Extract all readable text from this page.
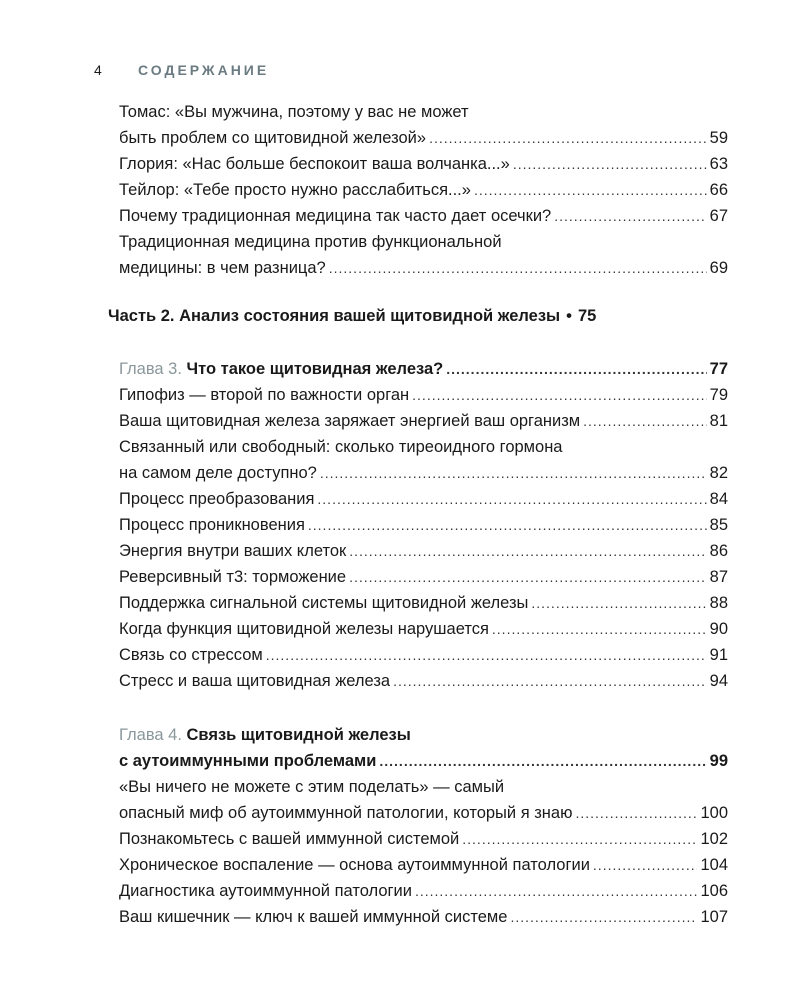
4	СОДЕРЖАНИЕ
Томас: «Вы мужчина, поэтому у вас не может
быть проблем со щитовидной железой» .....	59
Глория: «Нас больше беспокоит ваша волчанка...» .....	63
Тейлор: «Тебе просто нужно расслабиться...» .....	66
Почему традиционная медицина так часто дает осечки? .....	67
Традиционная медицина против функциональной
медицины: в чем разница? .....	69
Часть 2. Анализ состояния вашей щитовидной железы • 75
Глава 3. Что такое щитовидная железа? .....	77
Гипофиз — второй по важности орган .....	79
Ваша щитовидная железа заряжает энергией ваш организм .....	81
Связанный или свободный: сколько тиреоидного гормона
на самом деле доступно? .....	82
Процесс преобразования .....	84
Процесс проникновения .....	85
Энергия внутри ваших клеток .....	86
Реверсивный т3: торможение .....	87
Поддержка сигнальной системы щитовидной железы .....	88
Когда функция щитовидной железы нарушается .....	90
Связь со стрессом .....	91
Стресс и ваша щитовидная железа .....	94
Глава 4. Связь щитовидной железы
с аутоиммунными проблемами .....	99
«Вы ничего не можете с этим поделать» — самый
опасный миф об аутоиммунной патологии, который я знаю .....	100
Познакомьтесь с вашей иммунной системой .....	102
Хроническое воспаление — основа аутоиммунной патологии .....	104
Диагностика аутоиммунной патологии .....	106
Ваш кишечник — ключ к вашей иммунной системе .....	107
